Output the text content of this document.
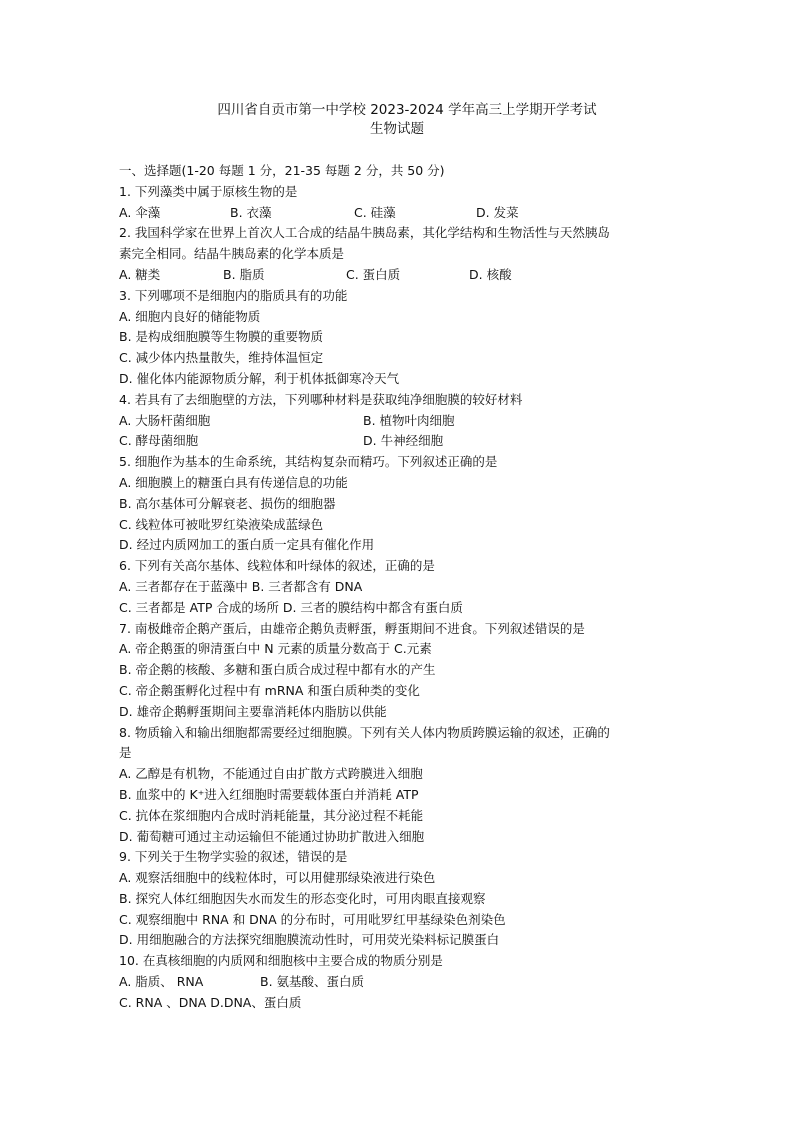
四川省自贡市第一中学校 2023-2024 学年高三上学期开学考试
生物试题
一、选择题(1-20 每题 1 分，21-35 每题 2 分，共 50 分)
1. 下列藻类中属于原核生物的是
A. 伞藻	B. 衣藻	C. 硅藻	D. 发菜
2. 我国科学家在世界上首次人工合成的结晶牛胰岛素，其化学结构和生物活性与天然胰岛
素完全相同。结晶牛胰岛素的化学本质是
A. 糖类	B. 脂质	C. 蛋白质	D. 核酸
3. 下列哪项不是细胞内的脂质具有的功能
A. 细胞内良好的储能物质
B. 是构成细胞膜等生物膜的重要物质
C. 减少体内热量散失，维持体温恒定
D. 催化体内能源物质分解，利于机体抵御寒冷天气
4. 若具有了去细胞壁的方法，下列哪种材料是获取纯净细胞膜的较好材料
A. 大肠杆菌细胞	B. 植物叶肉细胞
C. 酵母菌细胞	D. 牛神经细胞
5. 细胞作为基本的生命系统，其结构复杂而精巧。下列叙述正确的是
A. 细胞膜上的糖蛋白具有传递信息的功能
B. 高尔基体可分解衰老、损伤的细胞器
C. 线粒体可被吡罗红染液染成蓝绿色
D. 经过内质网加工的蛋白质一定具有催化作用
6. 下列有关高尔基体、线粒体和叶绿体的叙述，正确的是
A. 三者都存在于蓝藻中 B. 三者都含有 DNA
C. 三者都是 ATP 合成的场所 D. 三者的膜结构中都含有蛋白质
7. 南极雌帝企鹅产蛋后，由雄帝企鹅负责孵蛋，孵蛋期间不进食。下列叙述错误的是
A. 帝企鹅蛋的卵清蛋白中 N 元素的质量分数高于 C.元素
B. 帝企鹅的核酸、多糖和蛋白质合成过程中都有水的产生
C. 帝企鹅蛋孵化过程中有 mRNA 和蛋白质种类的变化
D. 雄帝企鹅孵蛋期间主要靠消耗体内脂肪以供能
8. 物质输入和输出细胞都需要经过细胞膜。下列有关人体内物质跨膜运输的叙述，正确的
是
A. 乙醇是有机物，不能通过自由扩散方式跨膜进入细胞
B. 血浆中的 K⁺进入红细胞时需要载体蛋白并消耗 ATP
C. 抗体在浆细胞内合成时消耗能量，其分泌过程不耗能
D. 葡萄糖可通过主动运输但不能通过协助扩散进入细胞
9. 下列关于生物学实验的叙述，错误的是
A. 观察活细胞中的线粒体时，可以用健那绿染液进行染色
B. 探究人体红细胞因失水而发生的形态变化时，可用肉眼直接观察
C. 观察细胞中 RNA 和 DNA 的分布时，可用吡罗红甲基绿染色剂染色
D. 用细胞融合的方法探究细胞膜流动性时，可用荧光染料标记膜蛋白
10. 在真核细胞的内质网和细胞核中主要合成的物质分别是
A. 脂质、 RNA	B. 氨基酸、蛋白质
C. RNA 、DNA D.DNA、蛋白质
